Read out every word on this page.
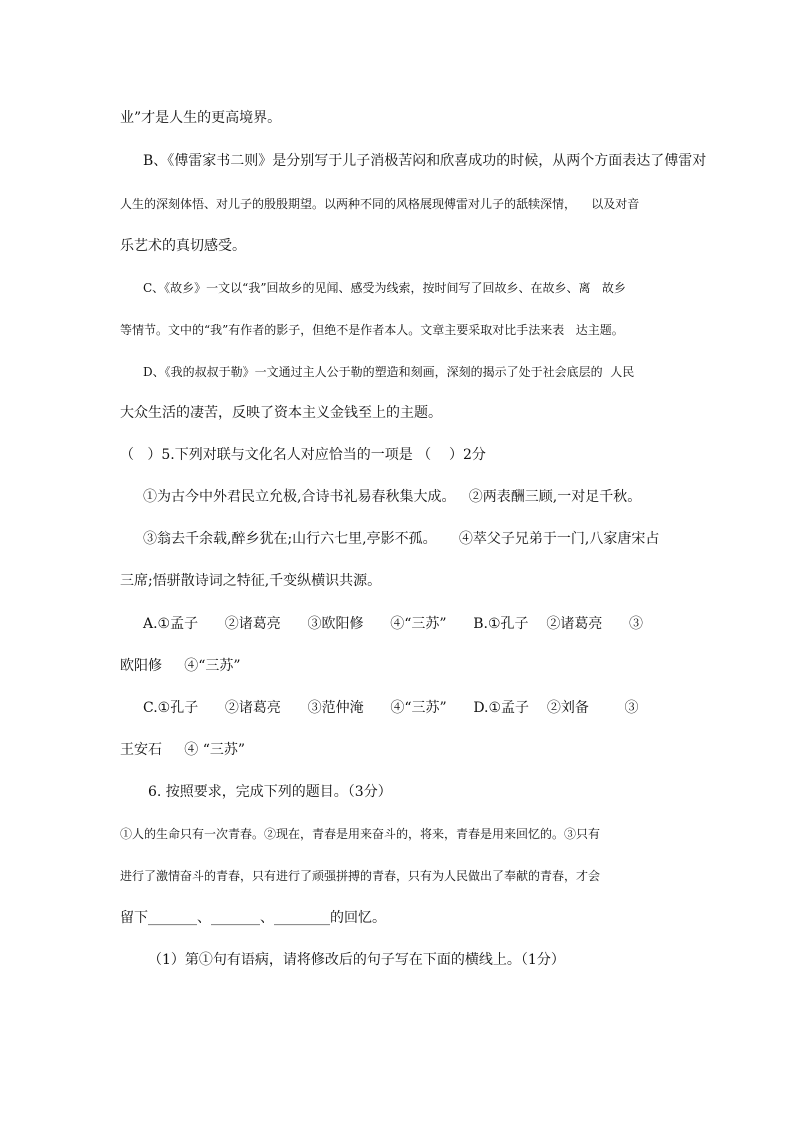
业”才是人生的更高境界。
B、《傅雷家书二则》是分别写于儿子消极苦闷和欣喜成功的时候，从两个方面表达了傅雷对
人生的深刻体悟、对儿子的殷殷期望。以两种不同的风格展现傅雷对儿子的舐犊深情，    以及对音
乐艺术的真切感受。
C、《故乡》一文以“我”回故乡的见闻、感受为线索，按时间写了回故乡、在故乡、离   故乡
等情节。文中的“我”有作者的影子，但绝不是作者本人。文章主要采取对比手法来表   达主题。
D、《我的叔叔于勒》一文通过主人公于勒的塑造和刻画，深刻的揭示了处于社会底层的  人民
大众生活的凄苦，反映了资本主义金钱至上的主题。
（   ）5.下列对联与文化名人对应恰当的一项是 （    ）2分
①为古今中外君民立允极,合诗书礼易春秋集大成。   ②两表酬三顾,一对足千秋。
③翁去千余载,醉乡犹在;山行六七里,亭影不孤。     ④萃父子兄弟于一门,八家唐宋占
三席;悟骈散诗词之特征,千变纵横识共源。
A.①孟子      ②诸葛亮      ③欧阳修      ④“三苏”      B.①孔子    ②诸葛亮      ③
欧阳修     ④“三苏”
C.①孔子      ②诸葛亮      ③范仲淹      ④“三苏”      D.①孟子    ②刘备        ③
王安石     ④ “三苏”
6. 按照要求，完成下列的题目。（3分）
①人的生命只有一次青春。②现在，青春是用来奋斗的，将来，青春是用来回忆的。③只有
进行了激情奋斗的青春，只有进行了顽强拼搏的青春，只有为人民做出了奉献的青春，才会
留下_______、_______、________的回忆。
（1）第①句有语病，请将修改后的句子写在下面的横线上。（1分）
